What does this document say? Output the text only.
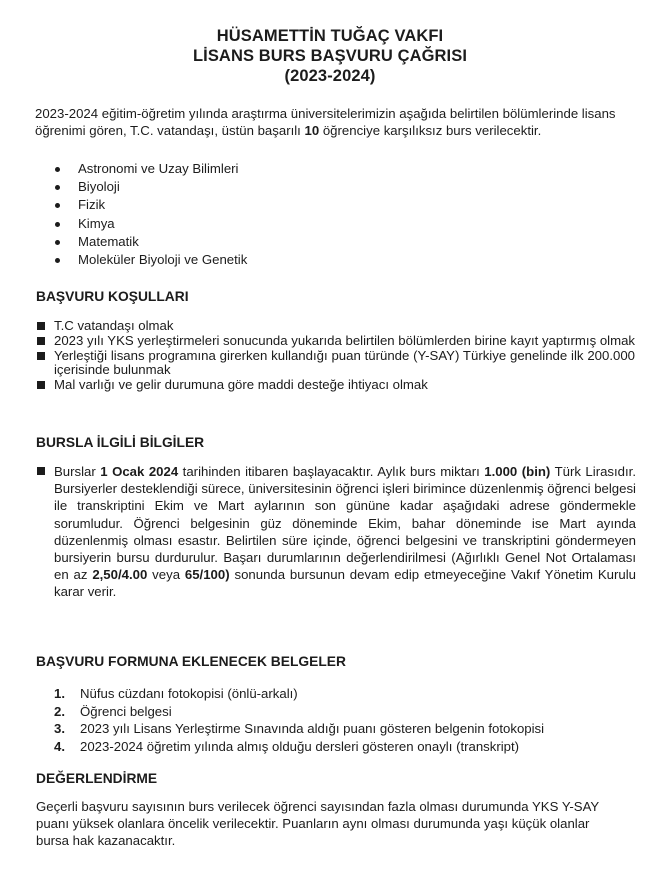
HÜSAMETTİN TUĞAÇ VAKFI
LİSANS BURS BAŞVURU ÇAĞRISI
(2023-2024)

2023-2024 eğitim-öğretim yılında araştırma üniversitelerimizin aşağıda belirtilen bölümlerinde lisans öğrenimi gören, T.C. vatandaşı, üstün başarılı 10 öğrenciye karşılıksız burs verilecektir.

Astronomi ve Uzay Bilimleri
Biyoloji
Fizik
Kimya
Matematik
Moleküler Biyoloji ve Genetik
BAŞVURU KOŞULLARI
T.C vatandaşı olmak
2023 yılı YKS yerleştirmeleri sonucunda yukarıda belirtilen bölümlerden birine kayıt yaptırmış olmak
Yerleştiği lisans programına girerken kullandığı puan türünde (Y-SAY) Türkiye genelinde ilk 200.000 içerisinde bulunmak
Mal varlığı ve gelir durumuna göre maddi desteğe ihtiyacı olmak
BURSLA İLGİLİ BİLGİLER
Burslar 1 Ocak 2024 tarihinden itibaren başlayacaktır. Aylık burs miktarı 1.000 (bin) Türk Lirasıdır. Bursiyerler desteklendiği sürece, üniversitesinin öğrenci işleri birimince düzenlenmiş öğrenci belgesi ile transkriptini Ekim ve Mart aylarının son gününe kadar aşağıdaki adrese göndermekle sorumludur. Öğrenci belgesinin güz döneminde Ekim, bahar döneminde ise Mart ayında düzenlenmiş olması esastır. Belirtilen süre içinde, öğrenci belgesini ve transkriptini göndermeyen bursiyerin bursu durdurulur. Başarı durumlarının değerlendirilmesi (Ağırlıklı Genel Not Ortalaması en az 2,50/4.00 veya 65/100) sonunda bursunun devam edip etmeyeceğine Vakıf Yönetim Kurulu karar verir.
BAŞVURU FORMUNA EKLENECEK BELGELER
1. Nüfus cüzdanı fotokopisi (önlü-arkalı)
2. Öğrenci belgesi
3. 2023 yılı Lisans Yerleştirme Sınavında aldığı puanı gösteren belgenin fotokopisi
4. 2023-2024 öğretim yılında almış olduğu dersleri gösteren onaylı (transkript)
DEĞERLENDİRME

Geçerli başvuru sayısının burs verilecek öğrenci sayısından fazla olması durumunda YKS Y-SAY puanı yüksek olanlara öncelik verilecektir. Puanların aynı olması durumunda yaşı küçük olanlar bursa hak kazanacaktır.
